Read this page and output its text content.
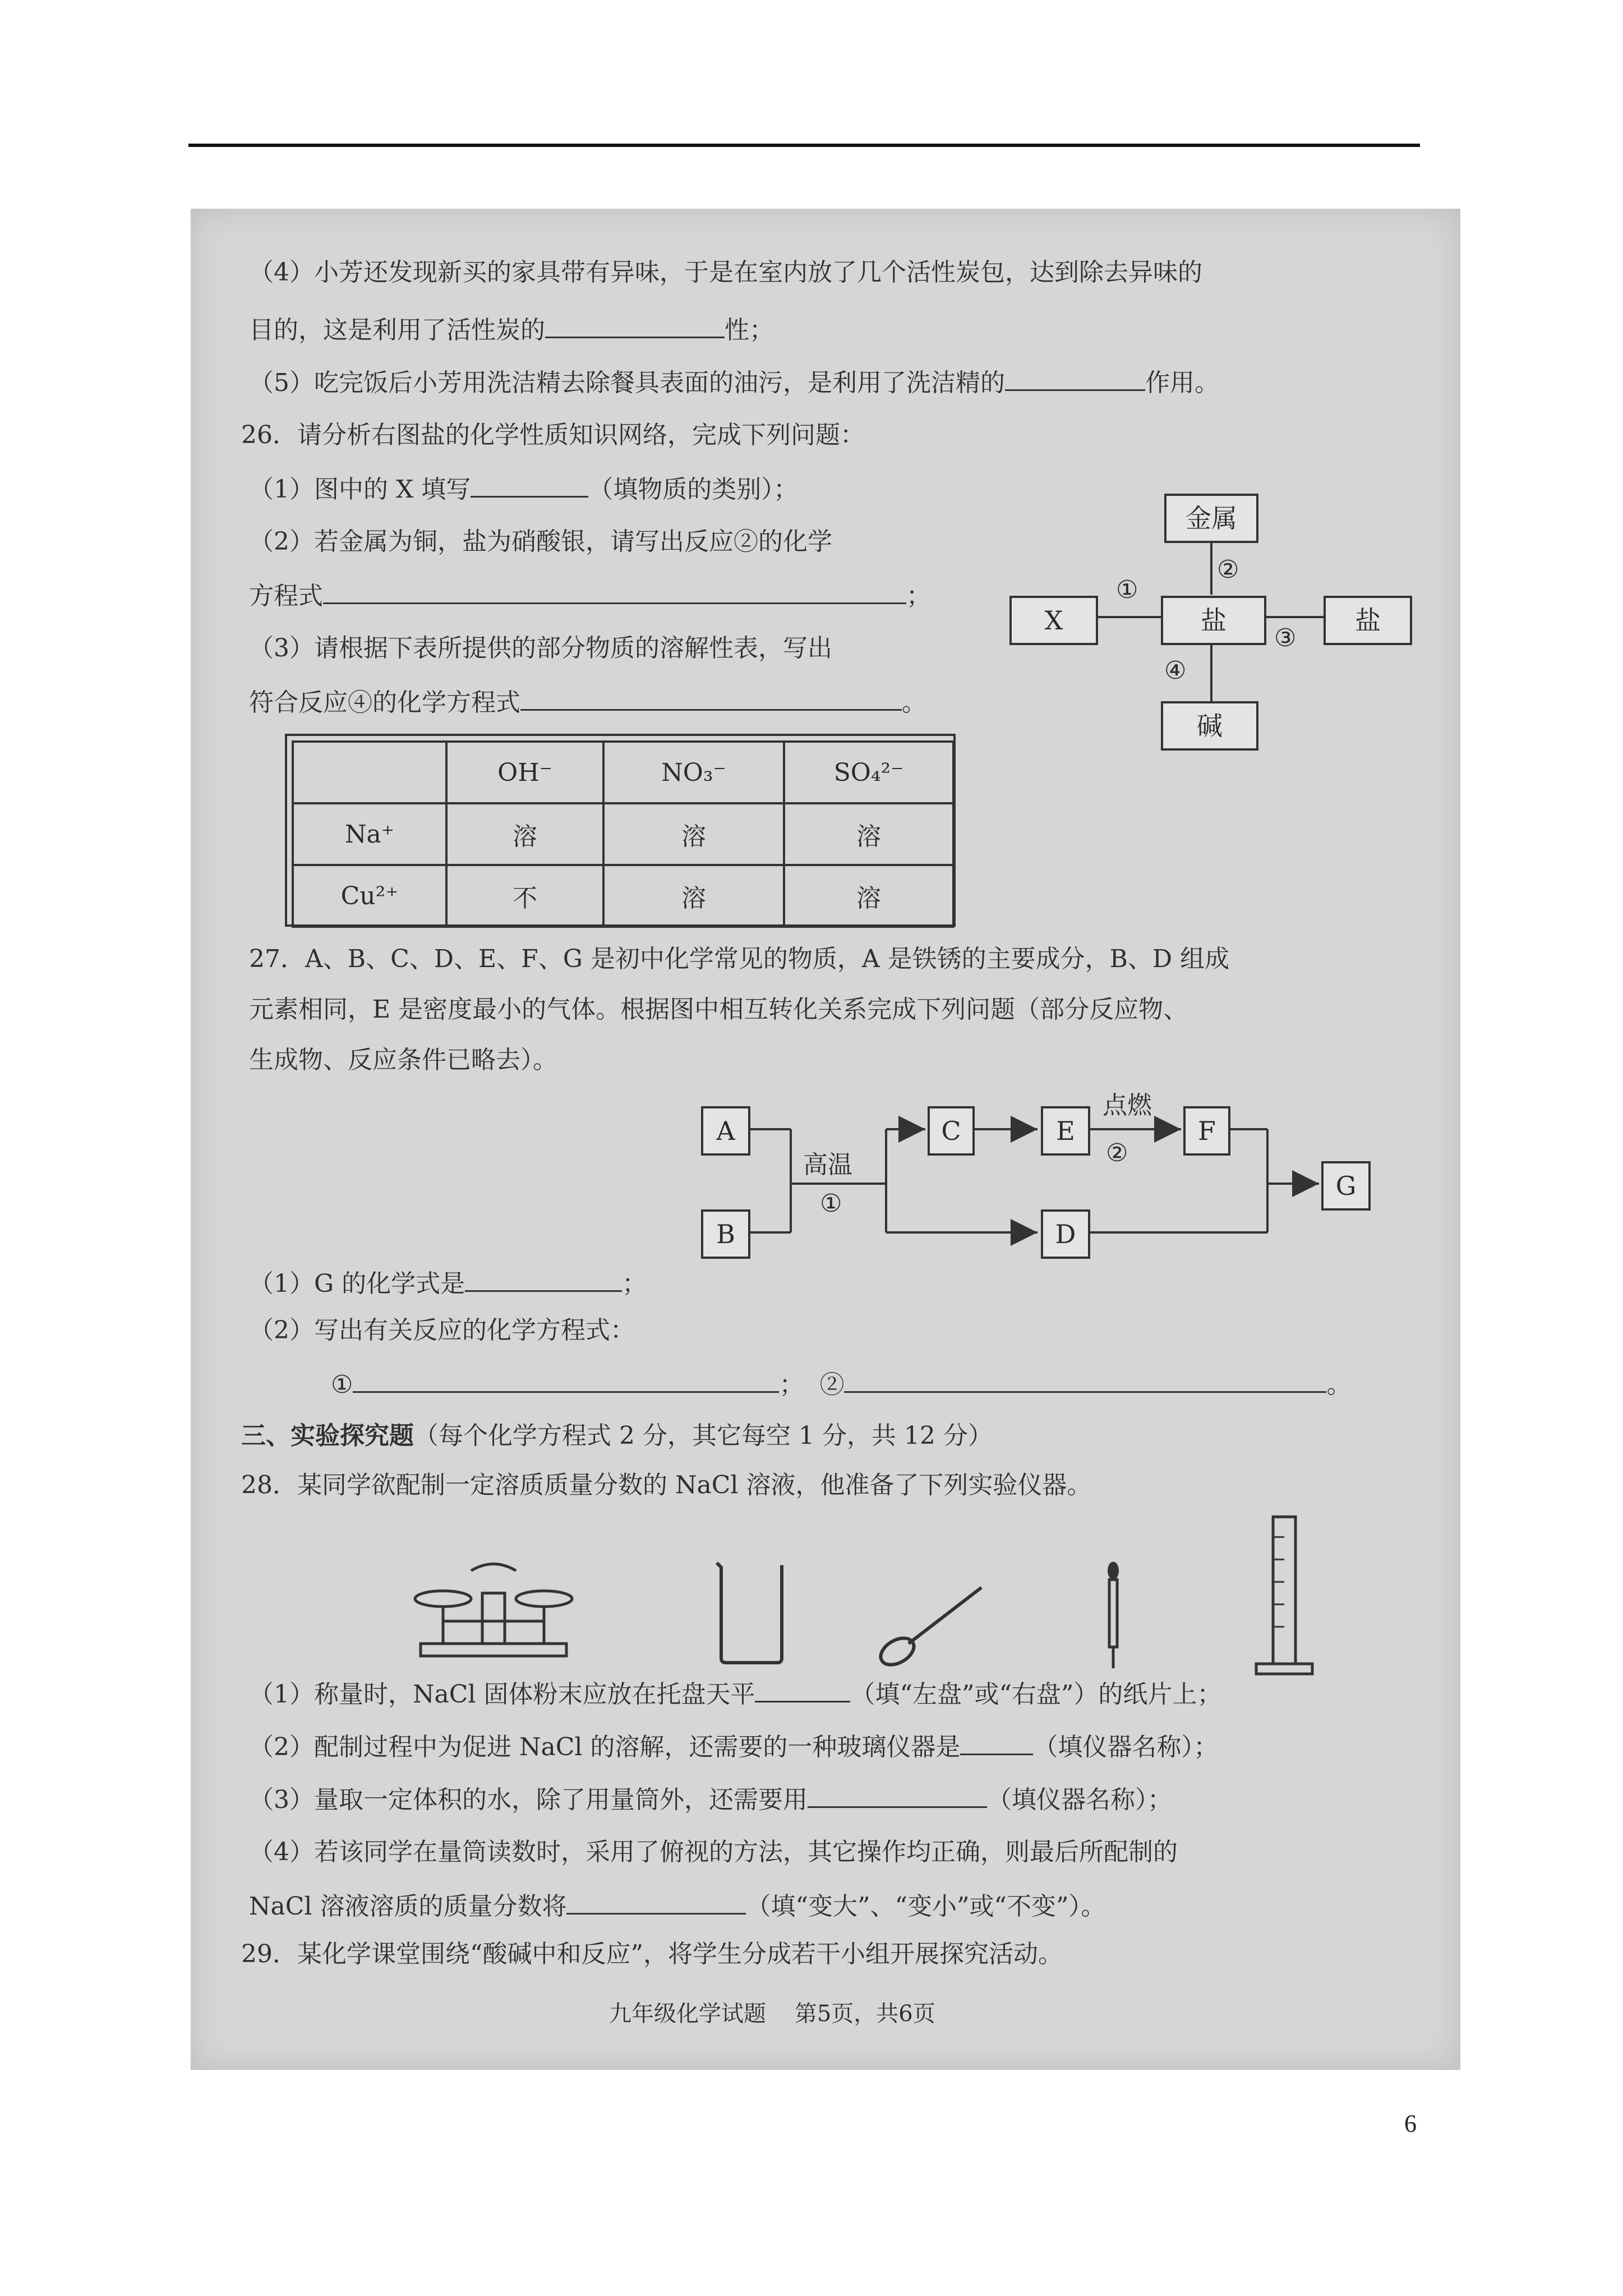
（4）小芳还发现新买的家具带有异味，于是在室内放了几个活性炭包，达到除去异味的
目的，这是利用了活性炭的	性；
（5）吃完饭后小芳用洗洁精去除餐具表面的油污，是利用了洗洁精的	作用。
26．请分析右图盐的化学性质知识网络，完成下列问题：
（1）图中的 X 填写	（填物质的类别）；
（2）若金属为铜，盐为硝酸银，请写出反应②的化学
方程式	；
（3）请根据下表所提供的部分物质的溶解性表，写出
符合反应④的化学方程式	。
金属
X	盐	盐
碱
①
②
③
④
	OH⁻	NO₃⁻	SO₄²⁻
Na⁺	溶	溶	溶
Cu²⁺	不	溶	溶
27．A、B、C、D、E、F、G 是初中化学常见的物质，A 是铁锈的主要成分，B、D 组成
元素相同，E 是密度最小的气体。根据图中相互转化关系完成下列问题（部分反应物、
生成物、反应条件已略去）。
A
B
C	E	F
D
G
高温
①
点燃
②
（1）G 的化学式是	；
（2）写出有关反应的化学方程式：
①	； ②	。
三、实验探究题（每个化学方程式 2 分，其它每空 1 分，共 12 分）
28．某同学欲配制一定溶质质量分数的 NaCl 溶液，他准备了下列实验仪器。
（1）称量时，NaCl 固体粉末应放在托盘天平	（填“左盘”或“右盘”）的纸片上；
（2）配制过程中为促进 NaCl 的溶解，还需要的一种玻璃仪器是	（填仪器名称）；
（3）量取一定体积的水，除了用量筒外，还需要用	（填仪器名称）；
（4）若该同学在量筒读数时，采用了俯视的方法，其它操作均正确，则最后所配制的
NaCl 溶液溶质的质量分数将	（填“变大”、“变小”或“不变”）。
29．某化学课堂围绕“酸碱中和反应”，将学生分成若干小组开展探究活动。
九年级化学试题    第5页，共6页
6
